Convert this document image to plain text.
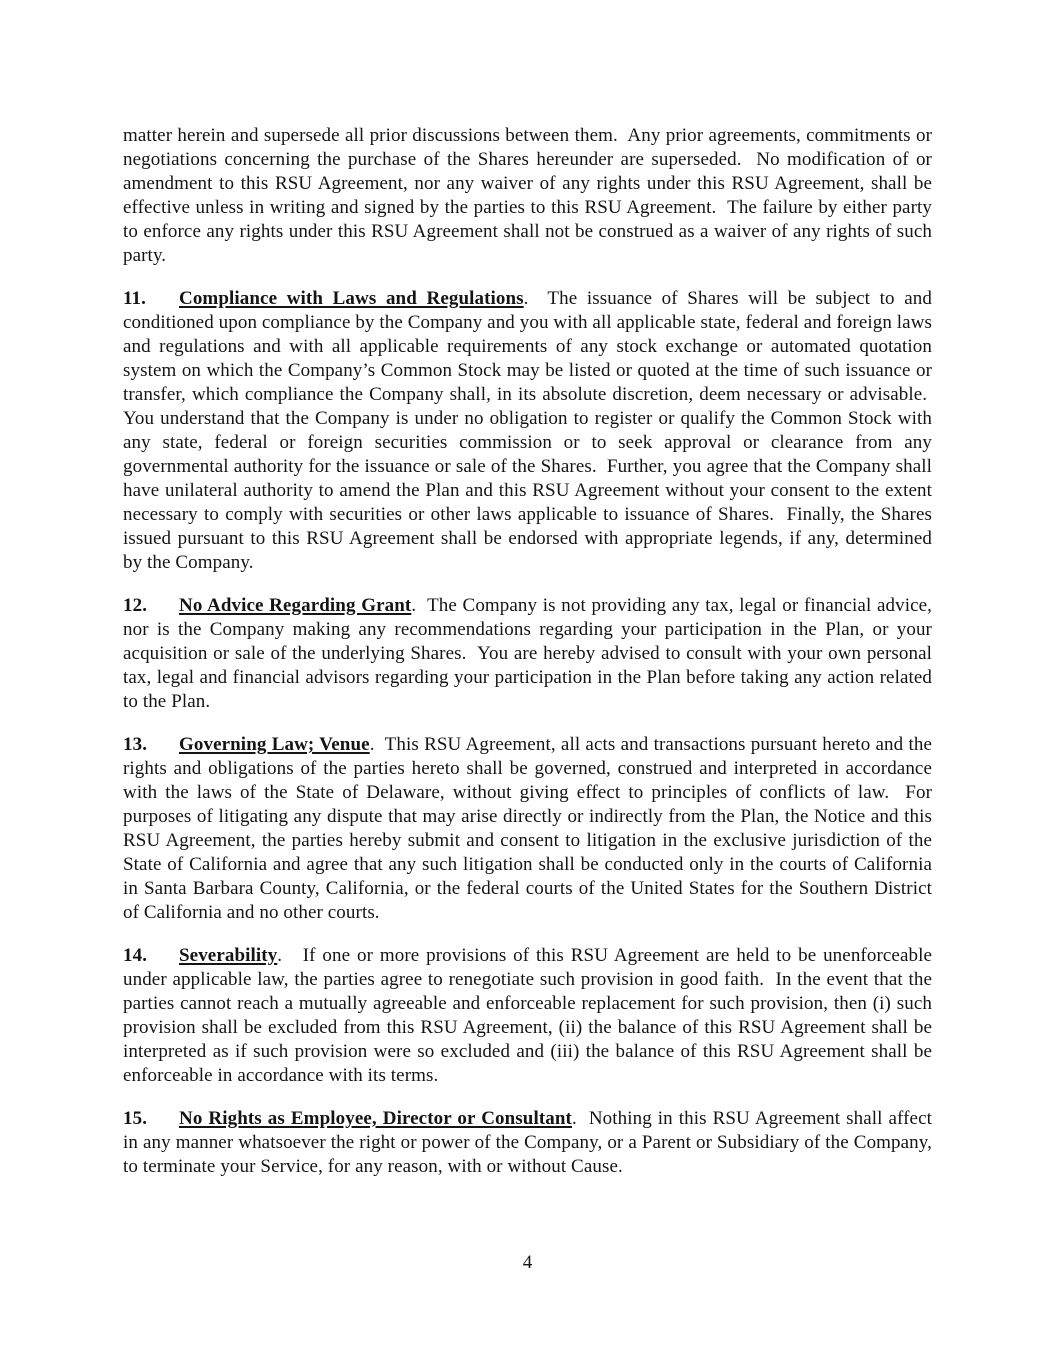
matter herein and supersede all prior discussions between them.  Any prior agreements, commitments or negotiations concerning the purchase of the Shares hereunder are superseded.  No modification of or amendment to this RSU Agreement, nor any waiver of any rights under this RSU Agreement, shall be effective unless in writing and signed by the parties to this RSU Agreement.  The failure by either party to enforce any rights under this RSU Agreement shall not be construed as a waiver of any rights of such party.

11. Compliance with Laws and Regulations.  The issuance of Shares will be subject to and conditioned upon compliance by the Company and you with all applicable state, federal and foreign laws and regulations and with all applicable requirements of any stock exchange or automated quotation system on which the Company’s Common Stock may be listed or quoted at the time of such issuance or transfer, which compliance the Company shall, in its absolute discretion, deem necessary or advisable.  You understand that the Company is under no obligation to register or qualify the Common Stock with any state, federal or foreign securities commission or to seek approval or clearance from any governmental authority for the issuance or sale of the Shares.  Further, you agree that the Company shall have unilateral authority to amend the Plan and this RSU Agreement without your consent to the extent necessary to comply with securities or other laws applicable to issuance of Shares.  Finally, the Shares issued pursuant to this RSU Agreement shall be endorsed with appropriate legends, if any, determined by the Company.

12. No Advice Regarding Grant.  The Company is not providing any tax, legal or financial advice, nor is the Company making any recommendations regarding your participation in the Plan, or your acquisition or sale of the underlying Shares.  You are hereby advised to consult with your own personal tax, legal and financial advisors regarding your participation in the Plan before taking any action related to the Plan.

13. Governing Law; Venue.  This RSU Agreement, all acts and transactions pursuant hereto and the rights and obligations of the parties hereto shall be governed, construed and interpreted in accordance with the laws of the State of Delaware, without giving effect to principles of conflicts of law.  For purposes of litigating any dispute that may arise directly or indirectly from the Plan, the Notice and this RSU Agreement, the parties hereby submit and consent to litigation in the exclusive jurisdiction of the State of California and agree that any such litigation shall be conducted only in the courts of California in Santa Barbara County, California, or the federal courts of the United States for the Southern District of California and no other courts.

14. Severability.   If one or more provisions of this RSU Agreement are held to be unenforceable under applicable law, the parties agree to renegotiate such provision in good faith.  In the event that the parties cannot reach a mutually agreeable and enforceable replacement for such provision, then (i) such provision shall be excluded from this RSU Agreement, (ii) the balance of this RSU Agreement shall be interpreted as if such provision were so excluded and (iii) the balance of this RSU Agreement shall be enforceable in accordance with its terms.

15. No Rights as Employee, Director or Consultant.  Nothing in this RSU Agreement shall affect in any manner whatsoever the right or power of the Company, or a Parent or Subsidiary of the Company, to terminate your Service, for any reason, with or without Cause.

4
